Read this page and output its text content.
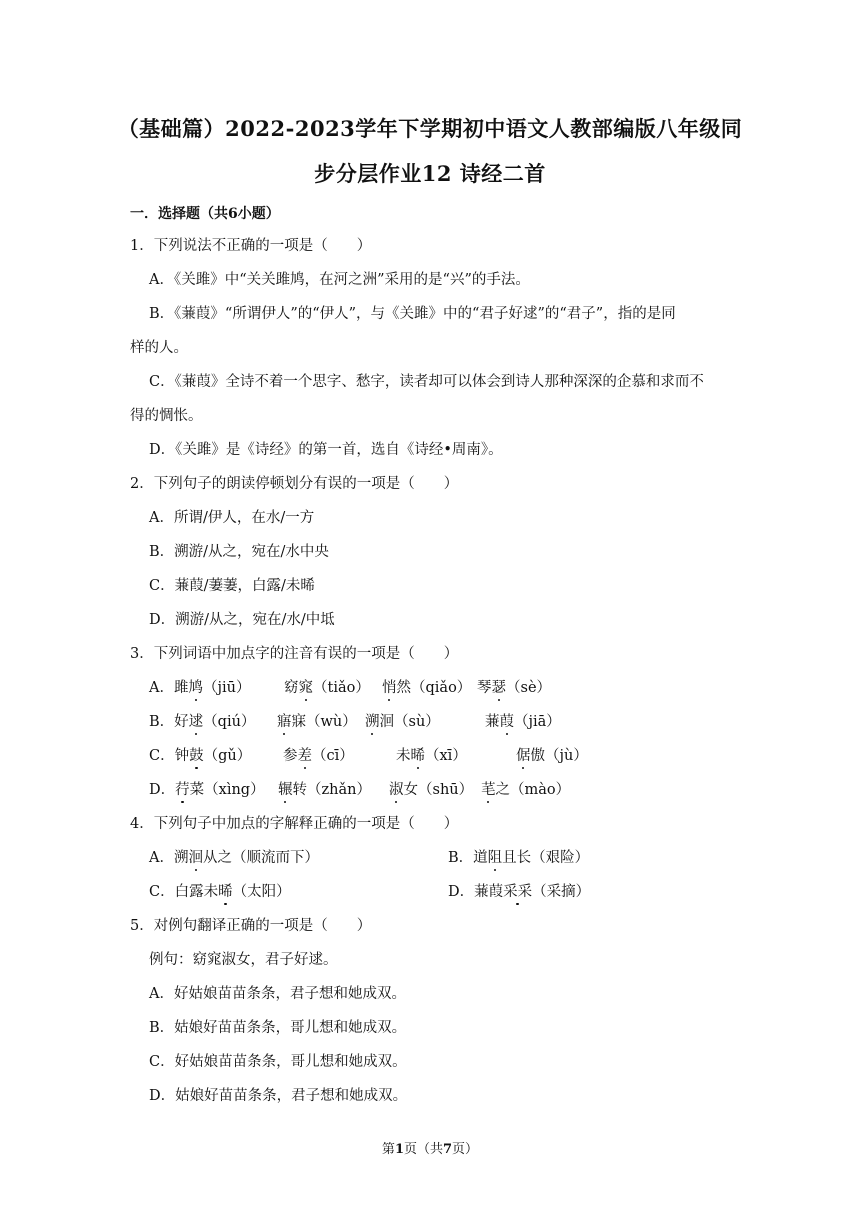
（基础篇）2022-2023学年下学期初中语文人教部编版八年级同
步分层作业12 诗经二首
一．选择题（共6小题）
1．下列说法不正确的一项是（　　）
A．《关雎》中“关关雎鸠，在河之洲”采用的是“兴”的手法。
B．《蒹葭》“所谓伊人”的“伊人”，与《关雎》中的“君子好逑”的“君子”，指的是同
样的人。
C．《蒹葭》全诗不着一个思字、愁字，读者却可以体会到诗人那种深深的企慕和求而不
得的惆怅。
D．《关雎》是《诗经》的第一首，选自《诗经•周南》。
2．下列句子的朗读停顿划分有误的一项是（　　）
A．所谓/伊人，在水/一方
B．溯游/从之，宛在/水中央
C．蒹葭/萋萋，白露/未晞
D．溯游/从之，宛在/水/中坻
3．下列词语中加点字的注音有误的一项是（　　）
A．雎鸠（jiū） 窈窕（tiǎo） 悄然（qiǎo） 琴瑟（sè）
B．好逑（qiú） 寤寐（wù） 溯洄（sù）	蒹葭（jiā）
C．钟鼓（gǔ） 参差（cī）	未晞（xī）	倨傲（jù）
D．荇菜（xìng） 辗转（zhǎn） 淑女（shū） 芼之（mào）
4．下列句子中加点的字解释正确的一项是（　　）
A．溯洄从之（顺流而下）	B．道阻且长（艰险）
C．白露未晞（太阳）	D．蒹葭采采（采摘）
5．对例句翻译正确的一项是（　　）
例句：窈窕淑女，君子好逑。
A．好姑娘苗苗条条，君子想和她成双。
B．姑娘好苗苗条条，哥儿想和她成双。
C．好姑娘苗苗条条，哥儿想和她成双。
D．姑娘好苗苗条条，君子想和她成双。
第1页（共7页）
